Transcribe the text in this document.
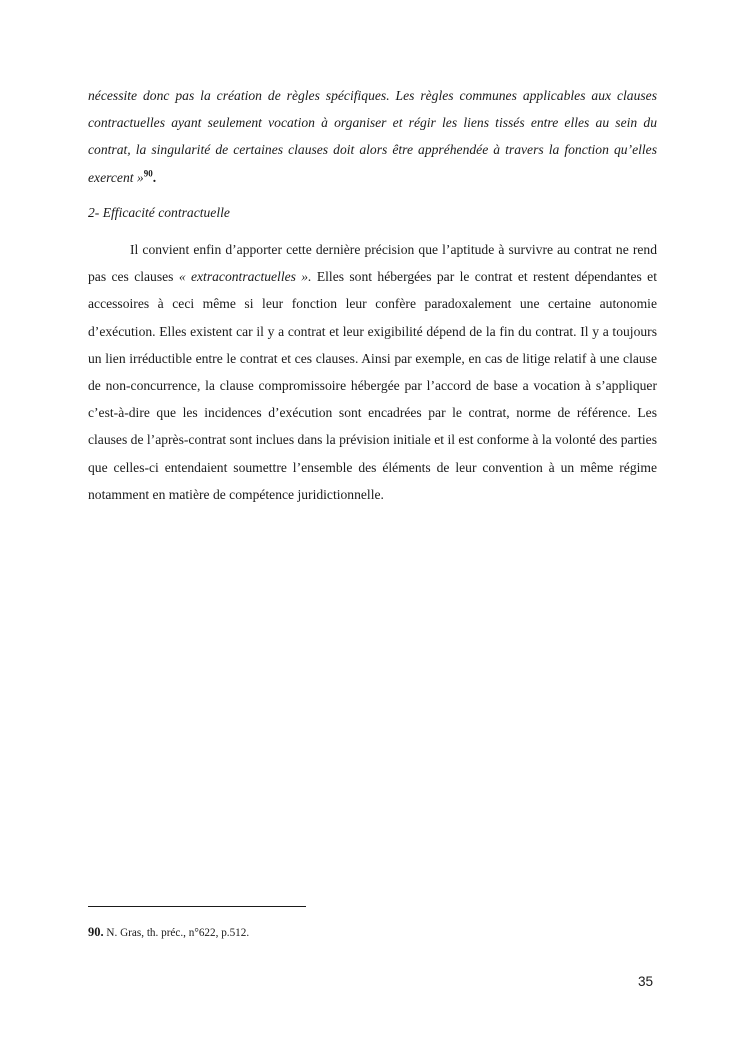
nécessite donc pas la création de règles spécifiques. Les règles communes applicables aux clauses contractuelles ayant seulement vocation à organiser et régir les liens tissés entre elles au sein du contrat, la singularité de certaines clauses doit alors être appréhendée à travers la fonction qu’elles exercent »$^{90}$.

2- Efficacité contractuelle

Il convient enfin d’apporter cette dernière précision que l’aptitude à survivre au contrat ne rend pas ces clauses « extracontractuelles ». Elles sont hébergées par le contrat et restent dépendantes et accessoires à ceci même si leur fonction leur confère paradoxalement une certaine autonomie d’exécution. Elles existent car il y a contrat et leur exigibilité dépend de la fin du contrat. Il y a toujours un lien irréductible entre le contrat et ces clauses. Ainsi par exemple, en cas de litige relatif à une clause de non-concurrence, la clause compromissoire hébergée par l’accord de base a vocation à s’appliquer c’est-à-dire que les incidences d’exécution sont encadrées par le contrat, norme de référence. Les clauses de l’après-contrat sont inclues dans la prévision initiale et il est conforme à la volonté des parties que celles-ci entendaient soumettre l’ensemble des éléments de leur convention à un même régime notamment en matière de compétence juridictionnelle.

90. N. Gras, th. préc., n°622, p.512.
35
